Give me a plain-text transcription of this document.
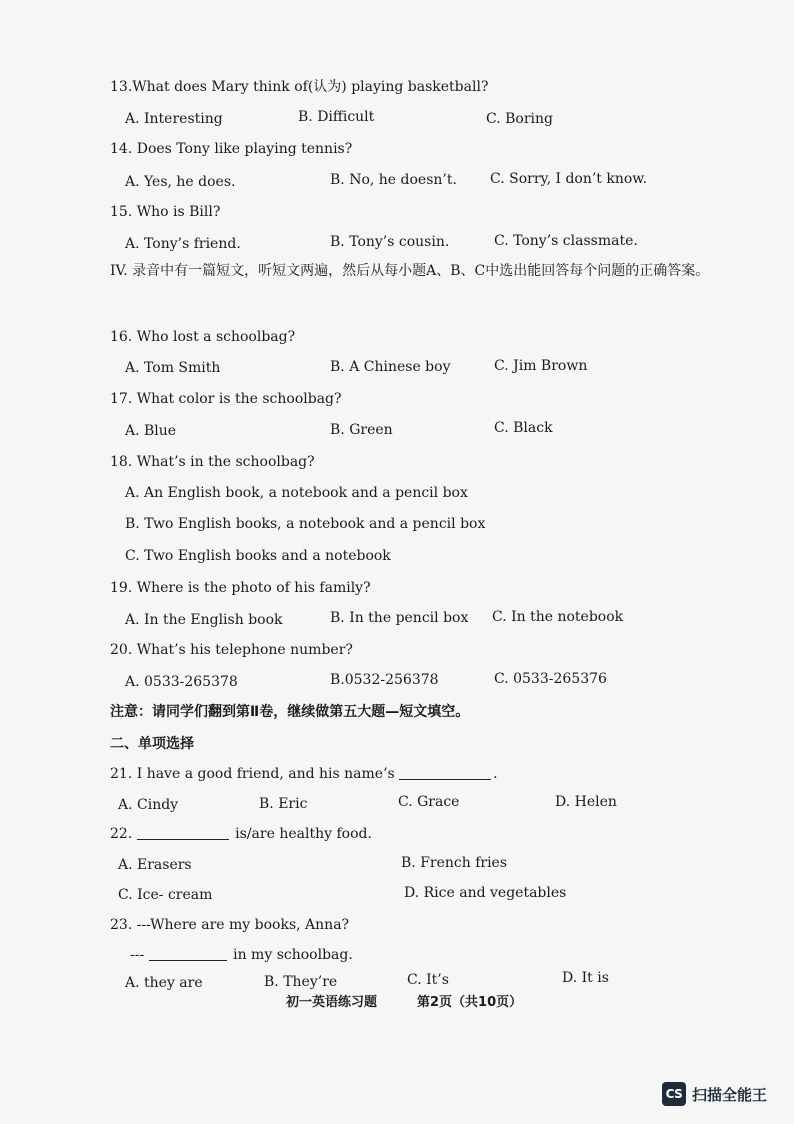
13.What does Mary think of(认为) playing basketball?
A. Interesting	B. Difficult	C. Boring
14. Does Tony like playing tennis?
A. Yes, he does.	B. No, he doesn’t. C. Sorry, I don’t know.
15. Who is Bill?
A. Tony’s friend.	B. Tony’s cousin.	C. Tony’s classmate.
IV. 录音中有一篇短文，听短文两遍，然后从每小题A、B、C中选出能回答每个问题的正确答案。
16. Who lost a schoolbag?
A. Tom Smith	B. A Chinese boy	C. Jim Brown
17. What color is the schoolbag?
A. Blue	B. Green	C. Black
18. What’s in the schoolbag?
A. An English book, a notebook and a pencil box
B. Two English books, a notebook and a pencil box
C. Two English books and a notebook
19. Where is the photo of his family?
A. In the English book	B. In the pencil box C. In the notebook
20. What’s his telephone number?
A. 0533-265378	B.0532-256378	C. 0533-265376
注意：请同学们翻到第Ⅱ卷，继续做第五大题—短文填空。
二、单项选择
21. I have a good friend, and his name’s	.
A. Cindy	B. Eric	C. Grace	D. Helen
22.	is/are healthy food.
A. Erasers	B. French fries
C. Ice- cream	D. Rice and vegetables
23. ---Where are my books, Anna?
---	in my schoolbag.
A. they are	B. They’re	C. It’s	D. It is
初一英语练习题	第2页（共10页）
CS 扫描全能王
